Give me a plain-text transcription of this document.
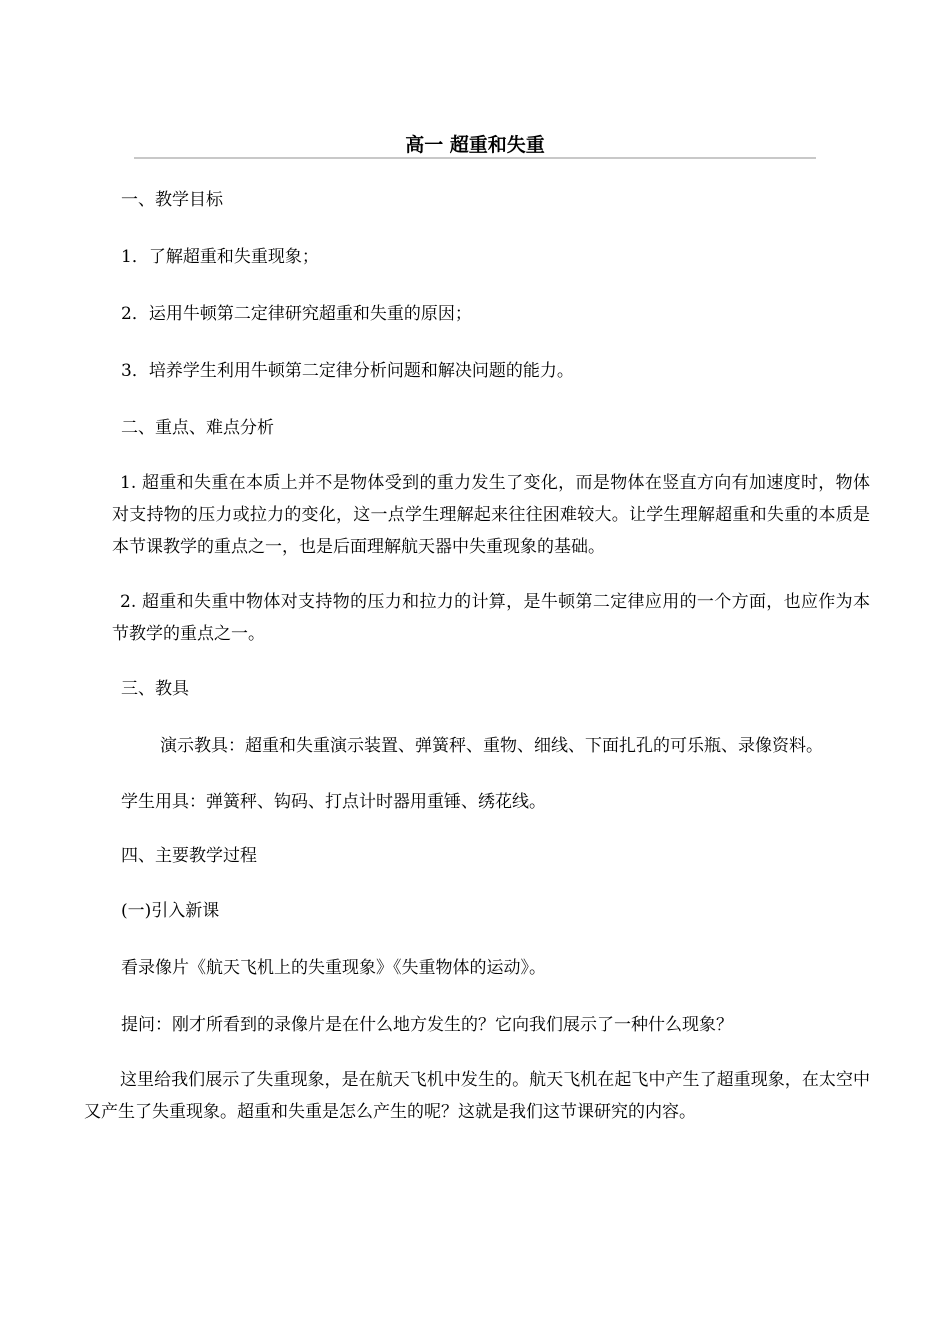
高一 超重和失重

一、教学目标

1．了解超重和失重现象；

2．运用牛顿第二定律研究超重和失重的原因；

3．培养学生利用牛顿第二定律分析问题和解决问题的能力。

二、重点、难点分析

1. 超重和失重在本质上并不是物体受到的重力发生了变化，而是物体在竖直方向有加速度时，物体对支持物的压力或拉力的变化，这一点学生理解起来往往困难较大。让学生理解超重和失重的本质是本节课教学的重点之一，也是后面理解航天器中失重现象的基础。

2. 超重和失重中物体对支持物的压力和拉力的计算，是牛顿第二定律应用的一个方面，也应作为本节教学的重点之一。

三、教具

演示教具：超重和失重演示装置、弹簧秤、重物、细线、下面扎孔的可乐瓶、录像资料。

学生用具：弹簧秤、钩码、打点计时器用重锤、绣花线。

四、主要教学过程

(一)引入新课

看录像片《航天飞机上的失重现象》《失重物体的运动》。

提问：刚才所看到的录像片是在什么地方发生的？它向我们展示了一种什么现象？

这里给我们展示了失重现象，是在航天飞机中发生的。航天飞机在起飞中产生了超重现象，在太空中又产生了失重现象。超重和失重是怎么产生的呢？这就是我们这节课研究的内容。
